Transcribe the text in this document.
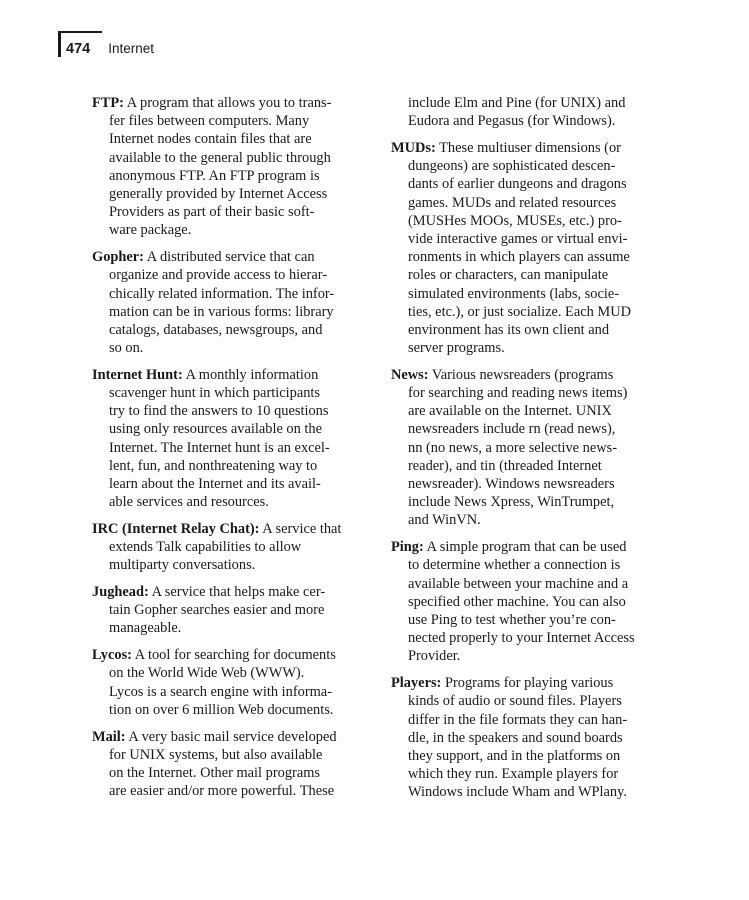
474 Internet
FTP: A program that allows you to trans-
fer files between computers. Many
Internet nodes contain files that are
available to the general public through
anonymous FTP. An FTP program is
generally provided by Internet Access
Providers as part of their basic soft-
ware package.
Gopher: A distributed service that can
organize and provide access to hierar-
chically related information. The infor-
mation can be in various forms: library
catalogs, databases, newsgroups, and
so on.
Internet Hunt: A monthly information
scavenger hunt in which participants
try to find the answers to 10 questions
using only resources available on the
Internet. The Internet hunt is an excel-
lent, fun, and nonthreatening way to
learn about the Internet and its avail-
able services and resources.
IRC (Internet Relay Chat): A service that
extends Talk capabilities to allow
multiparty conversations.
Jughead: A service that helps make cer-
tain Gopher searches easier and more
manageable.
Lycos: A tool for searching for documents
on the World Wide Web (WWW).
Lycos is a search engine with informa-
tion on over 6 million Web documents.
Mail: A very basic mail service developed
for UNIX systems, but also available
on the Internet. Other mail programs
are easier and/or more powerful. These
include Elm and Pine (for UNIX) and
Eudora and Pegasus (for Windows).
MUDs: These multiuser dimensions (or
dungeons) are sophisticated descen-
dants of earlier dungeons and dragons
games. MUDs and related resources
(MUSHes MOOs, MUSEs, etc.) pro-
vide interactive games or virtual envi-
ronments in which players can assume
roles or characters, can manipulate
simulated environments (labs, socie-
ties, etc.), or just socialize. Each MUD
environment has its own client and
server programs.
News: Various newsreaders (programs
for searching and reading news items)
are available on the Internet. UNIX
newsreaders include rn (read news),
nn (no news, a more selective news-
reader), and tin (threaded Internet
newsreader). Windows newsreaders
include News Xpress, WinTrumpet,
and WinVN.
Ping: A simple program that can be used
to determine whether a connection is
available between your machine and a
specified other machine. You can also
use Ping to test whether you’re con-
nected properly to your Internet Access
Provider.
Players: Programs for playing various
kinds of audio or sound files. Players
differ in the file formats they can han-
dle, in the speakers and sound boards
they support, and in the platforms on
which they run. Example players for
Windows include Wham and WPlany.
